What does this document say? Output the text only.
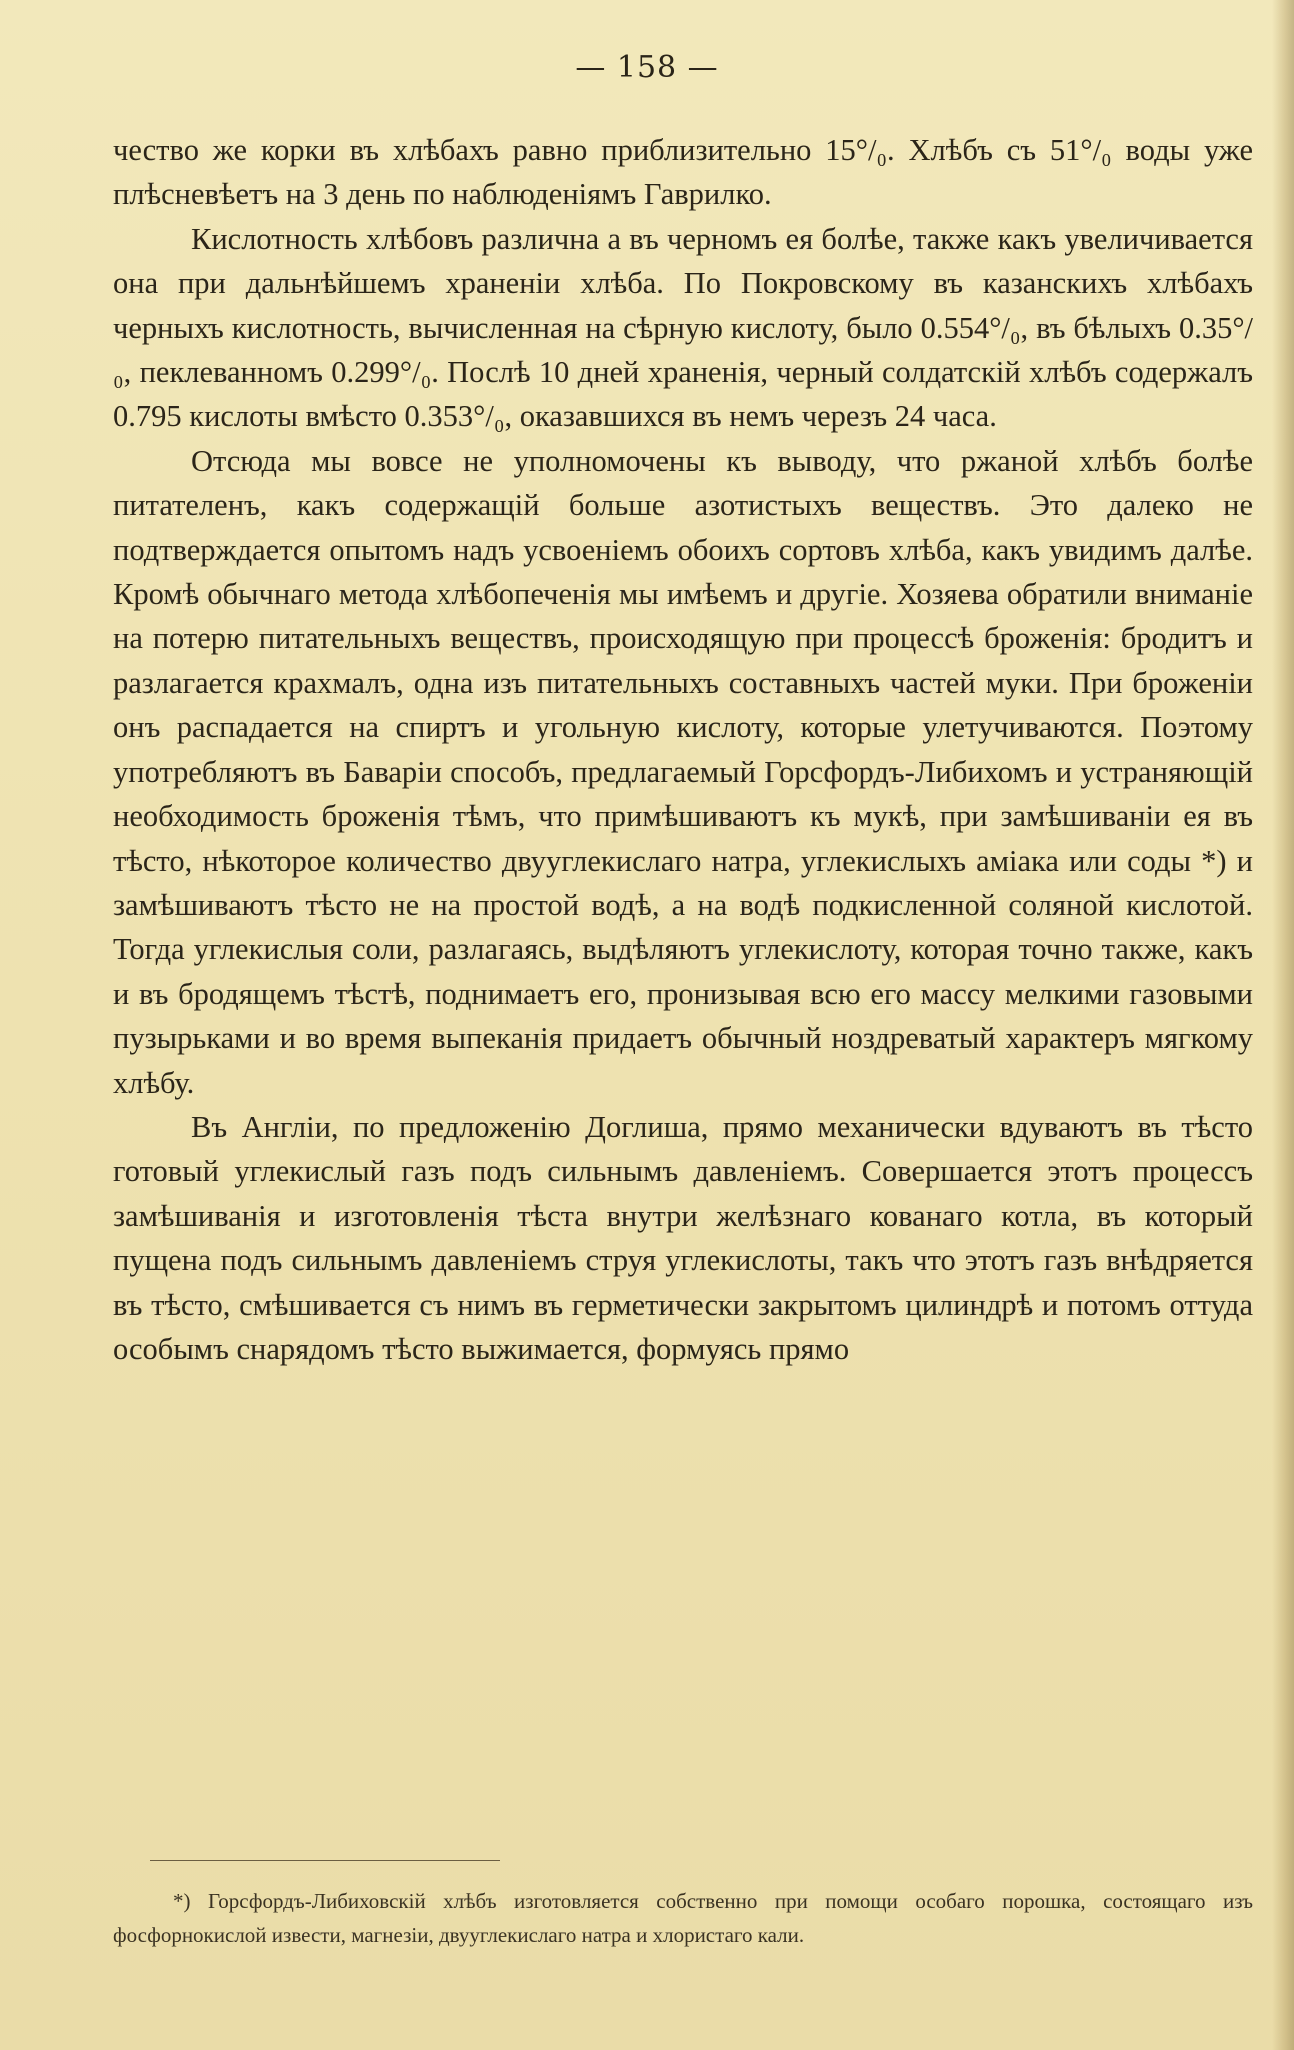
— 158 —

чество же корки въ хлѣбахъ равно приблизительно 15°/₀. Хлѣбъ съ 51°/₀ воды уже плѣсневѣетъ на 3 день по наблюденіямъ Гаврилко.

Кислотность хлѣбовъ различна а въ черномъ ея болѣе, также какъ увеличивается она при дальнѣйшемъ храненіи хлѣба. По Покровскому въ казанскихъ хлѣбахъ черныхъ кислотность, вычисленная на сѣрную кислоту, было 0.554°/₀, въ бѣлыхъ 0.35°/₀, пеклеванномъ 0.299°/₀. Послѣ 10 дней храненія, черный солдатскій хлѣбъ содержалъ 0.795 кислоты вмѣсто 0.353°/₀, оказавшихся въ немъ черезъ 24 часа.

Отсюда мы вовсе не уполномочены къ выводу, что ржаной хлѣбъ болѣе питателенъ, какъ содержащій больше азотистыхъ веществъ. Это далеко не подтверждается опытомъ надъ усвоеніемъ обоихъ сортовъ хлѣба, какъ увидимъ далѣе. Кромѣ обычнаго метода хлѣбопеченія мы имѣемъ и другіе. Хозяева обратили вниманіе на потерю питательныхъ веществъ, происходящую при процессѣ броженія: бродитъ и разлагается крахмалъ, одна изъ питательныхъ составныхъ частей муки. При броженіи онъ распадается на спиртъ и угольную кислоту, которые улетучиваются. Поэтому употребляютъ въ Баваріи способъ, предлагаемый Горсфордъ-Либихомъ и устраняющій необходимость броженія тѣмъ, что примѣшиваютъ къ мукѣ, при замѣшиваніи ея въ тѣсто, нѣкоторое количество двууглекислаго натра, углекислыхъ аміака или соды *) и замѣшиваютъ тѣсто не на простой водѣ, а на водѣ подкисленной соляной кислотой. Тогда углекислыя соли, разлагаясь, выдѣляютъ углекислоту, которая точно также, какъ и въ бродящемъ тѣстѣ, поднимаетъ его, пронизывая всю его массу мелкими газовыми пузырьками и во время выпеканія придаетъ обычный ноздреватый характеръ мягкому хлѣбу.

Въ Англіи, по предложенію Доглиша, прямо механически вдуваютъ въ тѣсто готовый углекислый газъ подъ сильнымъ давленіемъ. Совершается этотъ процессъ замѣшиванія и изготовленія тѣста внутри желѣзнаго кованаго котла, въ который пущена подъ сильнымъ давленіемъ струя углекислоты, такъ что этотъ газъ внѣдряется въ тѣсто, смѣшивается съ нимъ въ герметически закрытомъ цилиндрѣ и потомъ оттуда особымъ снарядомъ тѣсто выжимается, формуясь прямо

*) Горсфордъ-Либиховскій хлѣбъ изготовляется собственно при помощи особаго порошка, состоящаго изъ фосфорнокислой извести, магнезіи, двууглекислаго натра и хлористаго кали.
